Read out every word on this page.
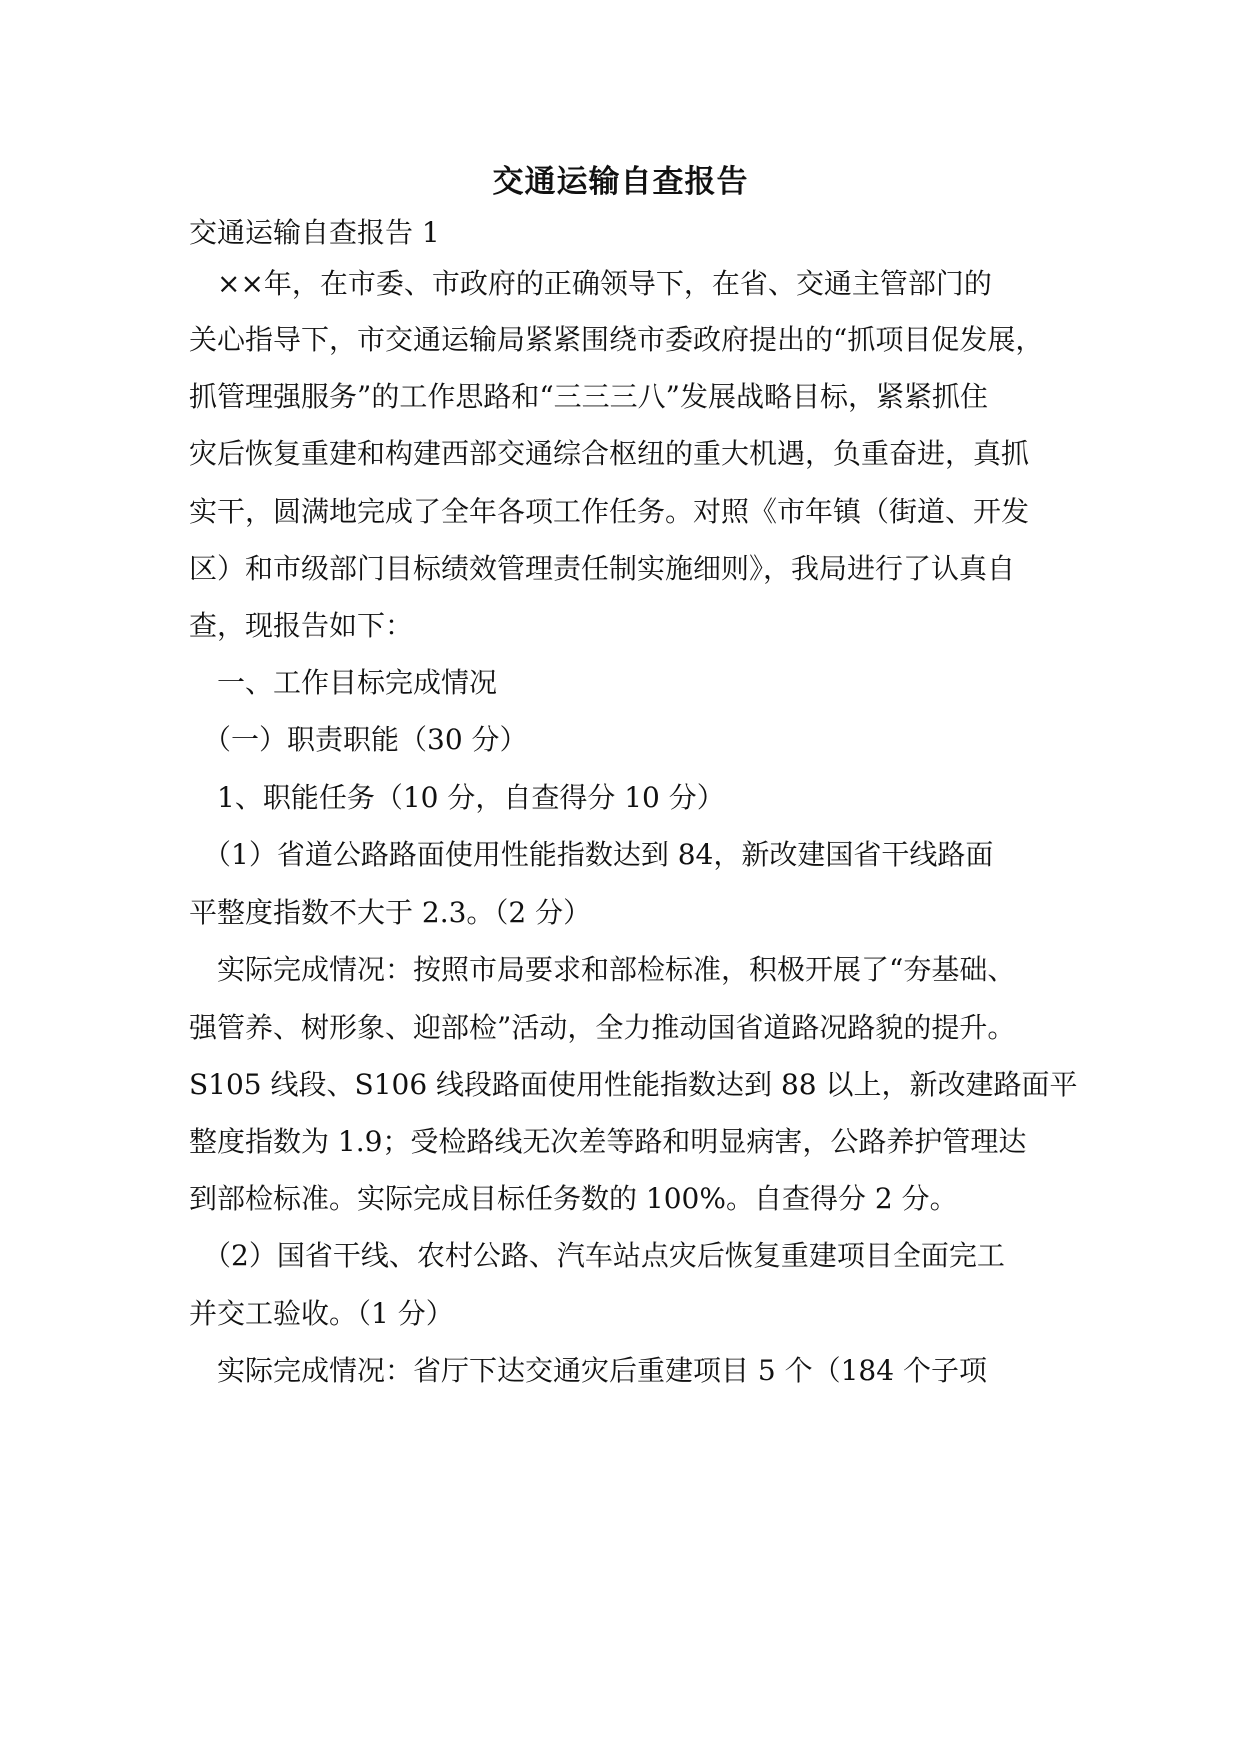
交通运输自查报告
交通运输自查报告 1
　××年，在市委、市政府的正确领导下，在省、交通主管部门的
关心指导下，市交通运输局紧紧围绕市委政府提出的“抓项目促发展，
抓管理强服务”的工作思路和“三三三八”发展战略目标，紧紧抓住
灾后恢复重建和构建西部交通综合枢纽的重大机遇，负重奋进，真抓
实干，圆满地完成了全年各项工作任务。对照《市年镇（街道、开发
区）和市级部门目标绩效管理责任制实施细则》，我局进行了认真自
查，现报告如下：
　一、工作目标完成情况
　（一）职责职能（30 分）
　1、职能任务（10 分，自查得分 10 分）
　（1）省道公路路面使用性能指数达到 84，新改建国省干线路面
平整度指数不大于 2.3。（2 分）
　实际完成情况：按照市局要求和部检标准，积极开展了“夯基础、
强管养、树形象、迎部检”活动，全力推动国省道路况路貌的提升。
S105 线段、S106 线段路面使用性能指数达到 88 以上，新改建路面平
整度指数为 1.9；受检路线无次差等路和明显病害，公路养护管理达
到部检标准。实际完成目标任务数的 100%。自查得分 2 分。
　（2）国省干线、农村公路、汽车站点灾后恢复重建项目全面完工
并交工验收。（1 分）
　实际完成情况：省厅下达交通灾后重建项目 5 个（184 个子项
